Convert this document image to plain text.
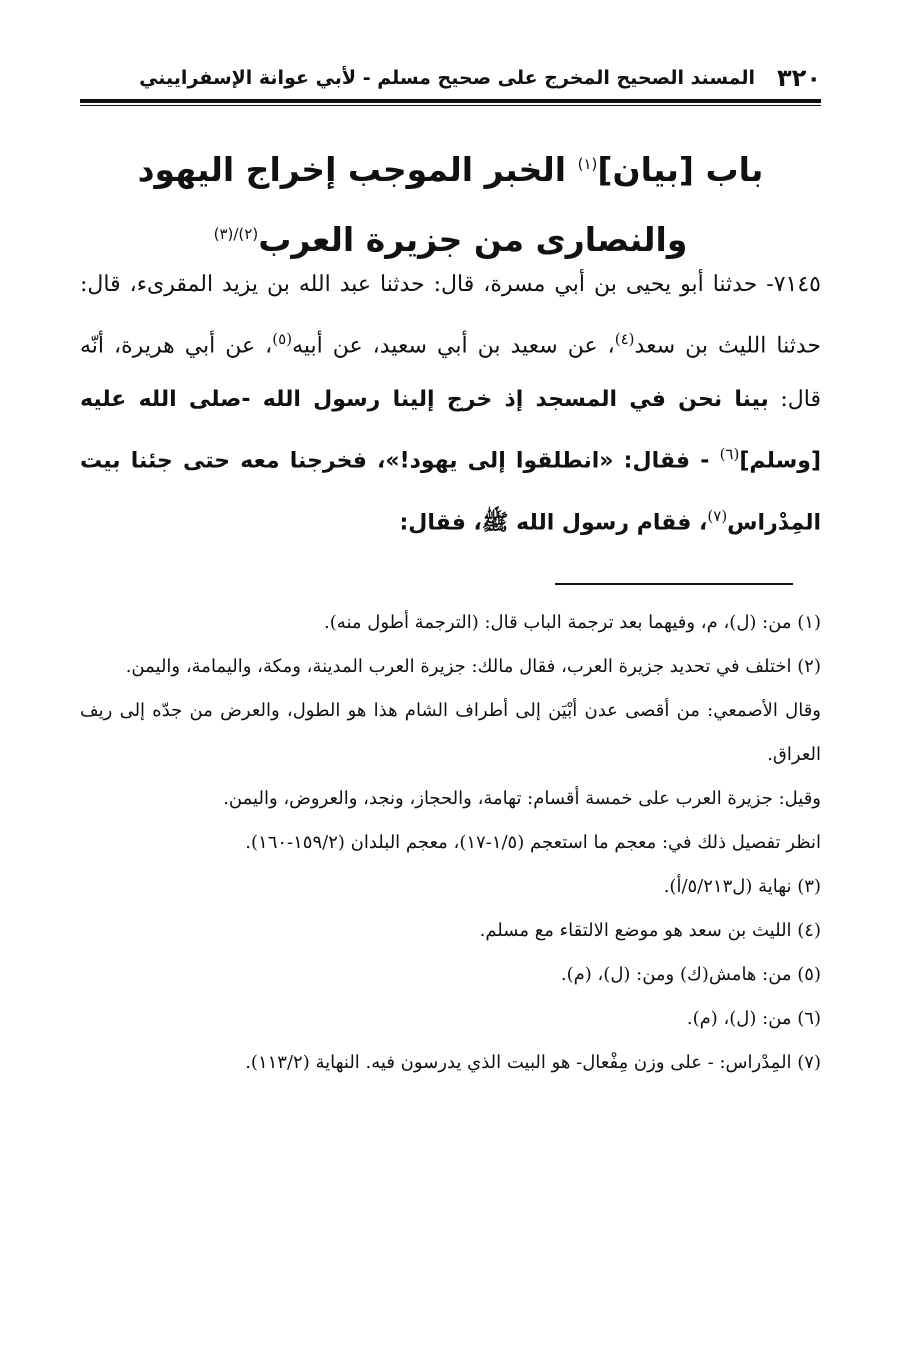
٣٢٠
المسند الصحيح المخرج على صحيح مسلم - لأبي عوانة الإسفراييني
باب [بيان]$^{(١)}$ الخبر الموجب إخراج اليهود والنصارى من جزيرة العرب$^{(٢)/(٣)}$
٧١٤٥- حدثنا أبو يحيى بن أبي مسرة، قال: حدثنا عبد الله بن يزيد المقرىء، قال: حدثنا الليث بن سعد$^{(٤)}$، عن سعيد بن أبي سعيد، عن أبيه$^{(٥)}$، عن أبي هريرة، أنّه قال: بينا نحن في المسجد إذ خرج إلينا رسول الله -صلى الله عليه [وسلم]$^{(٦)}$ - فقال: «انطلقوا إلى يهود!»، فخرجنا معه حتى جئنا بيت المِدْراس$^{(٧)}$، فقام رسول الله ﷺ، فقال:
(١) من: (ل)، م، وفيهما بعد ترجمة الباب قال: (الترجمة أطول منه).
(٢) اختلف في تحديد جزيرة العرب، فقال مالك: جزيرة العرب المدينة، ومكة، واليمامة، واليمن.
وقال الأصمعي: من أقصى عدن أبْيَن إلى أطراف الشام هذا هو الطول، والعرض من جدّه إلى ريف العراق.
وقيل: جزيرة العرب على خمسة أقسام: تهامة، والحجاز، ونجد، والعروض، واليمن.
انظر تفصيل ذلك في: معجم ما استعجم (١/٥-١٧)، معجم البلدان (١٥٩/٢-١٦٠).
(٣) نهاية (ل٥/٢١٣/أ).
(٤) الليث بن سعد هو موضع الالتقاء مع مسلم.
(٥) من: هامش(ك) ومن: (ل)، (م).
(٦) من: (ل)، (م).
(٧) المِدْراس: - على وزن مِفْعال- هو البيت الذي يدرسون فيه. النهاية (١١٣/٢).
